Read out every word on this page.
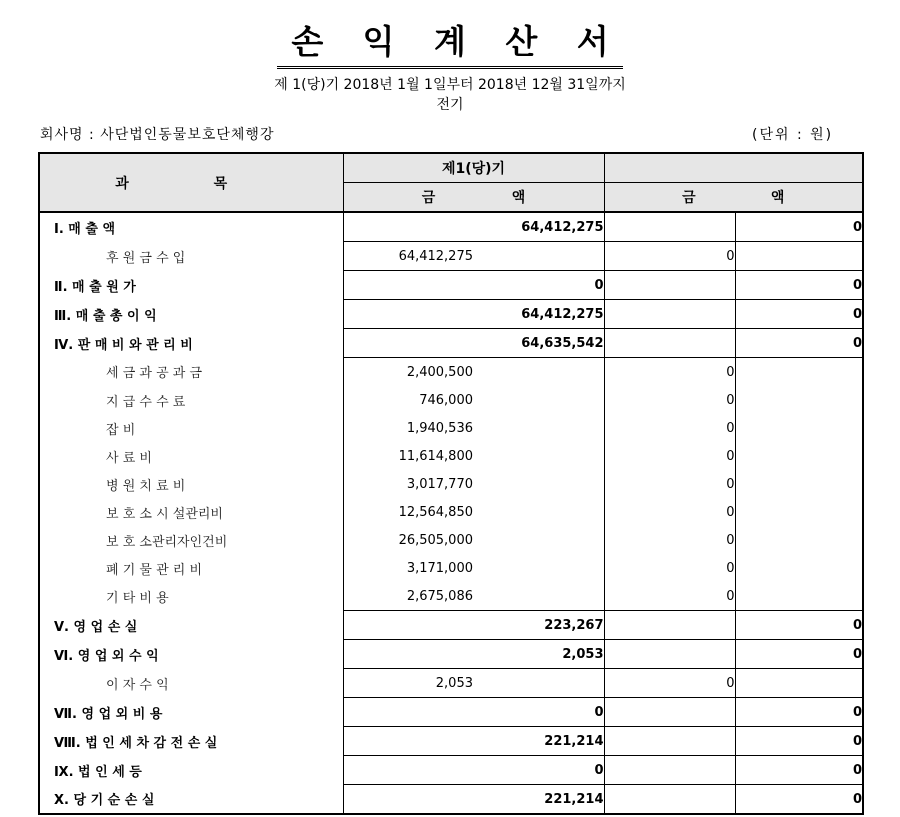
손 익 계 산 서
제 1(당)기 2018년 1월 1일부터 2018년 12월 31일까지
전기
회사명 : 사단법인동물보호단체행강	(단위 : 원)
과 목	제1(당)기			

	금 액		금 액	

Ⅰ. 매 출 액		64,412,275		0
후 원 금 수 입	64,412,275		0	
Ⅱ. 매 출 원 가		0		0
Ⅲ. 매 출 총 이 익		64,412,275		0
Ⅳ. 판 매 비 와 관 리 비		64,635,542		0
세 금 과 공 과 금	2,400,500		0	
지 급 수 수 료	746,000		0	
잡 비	1,940,536		0	
사 료 비	11,614,800		0	
병 원 치 료 비	3,017,770		0	
보 호 소 시 설관리비	12,564,850		0	
보 호 소관리자인건비	26,505,000		0	
폐 기 물 관 리 비	3,171,000		0	
기 타 비 용	2,675,086		0	
Ⅴ. 영 업 손 실		223,267		0
Ⅵ. 영 업 외 수 익		2,053		0
이 자 수 익	2,053		0	
Ⅶ. 영 업 외 비 용		0		0
Ⅷ. 법 인 세 차 감 전 손 실		221,214		0
Ⅸ. 법 인 세 등		0		0
Ⅹ. 당 기 순 손 실		221,214		0
